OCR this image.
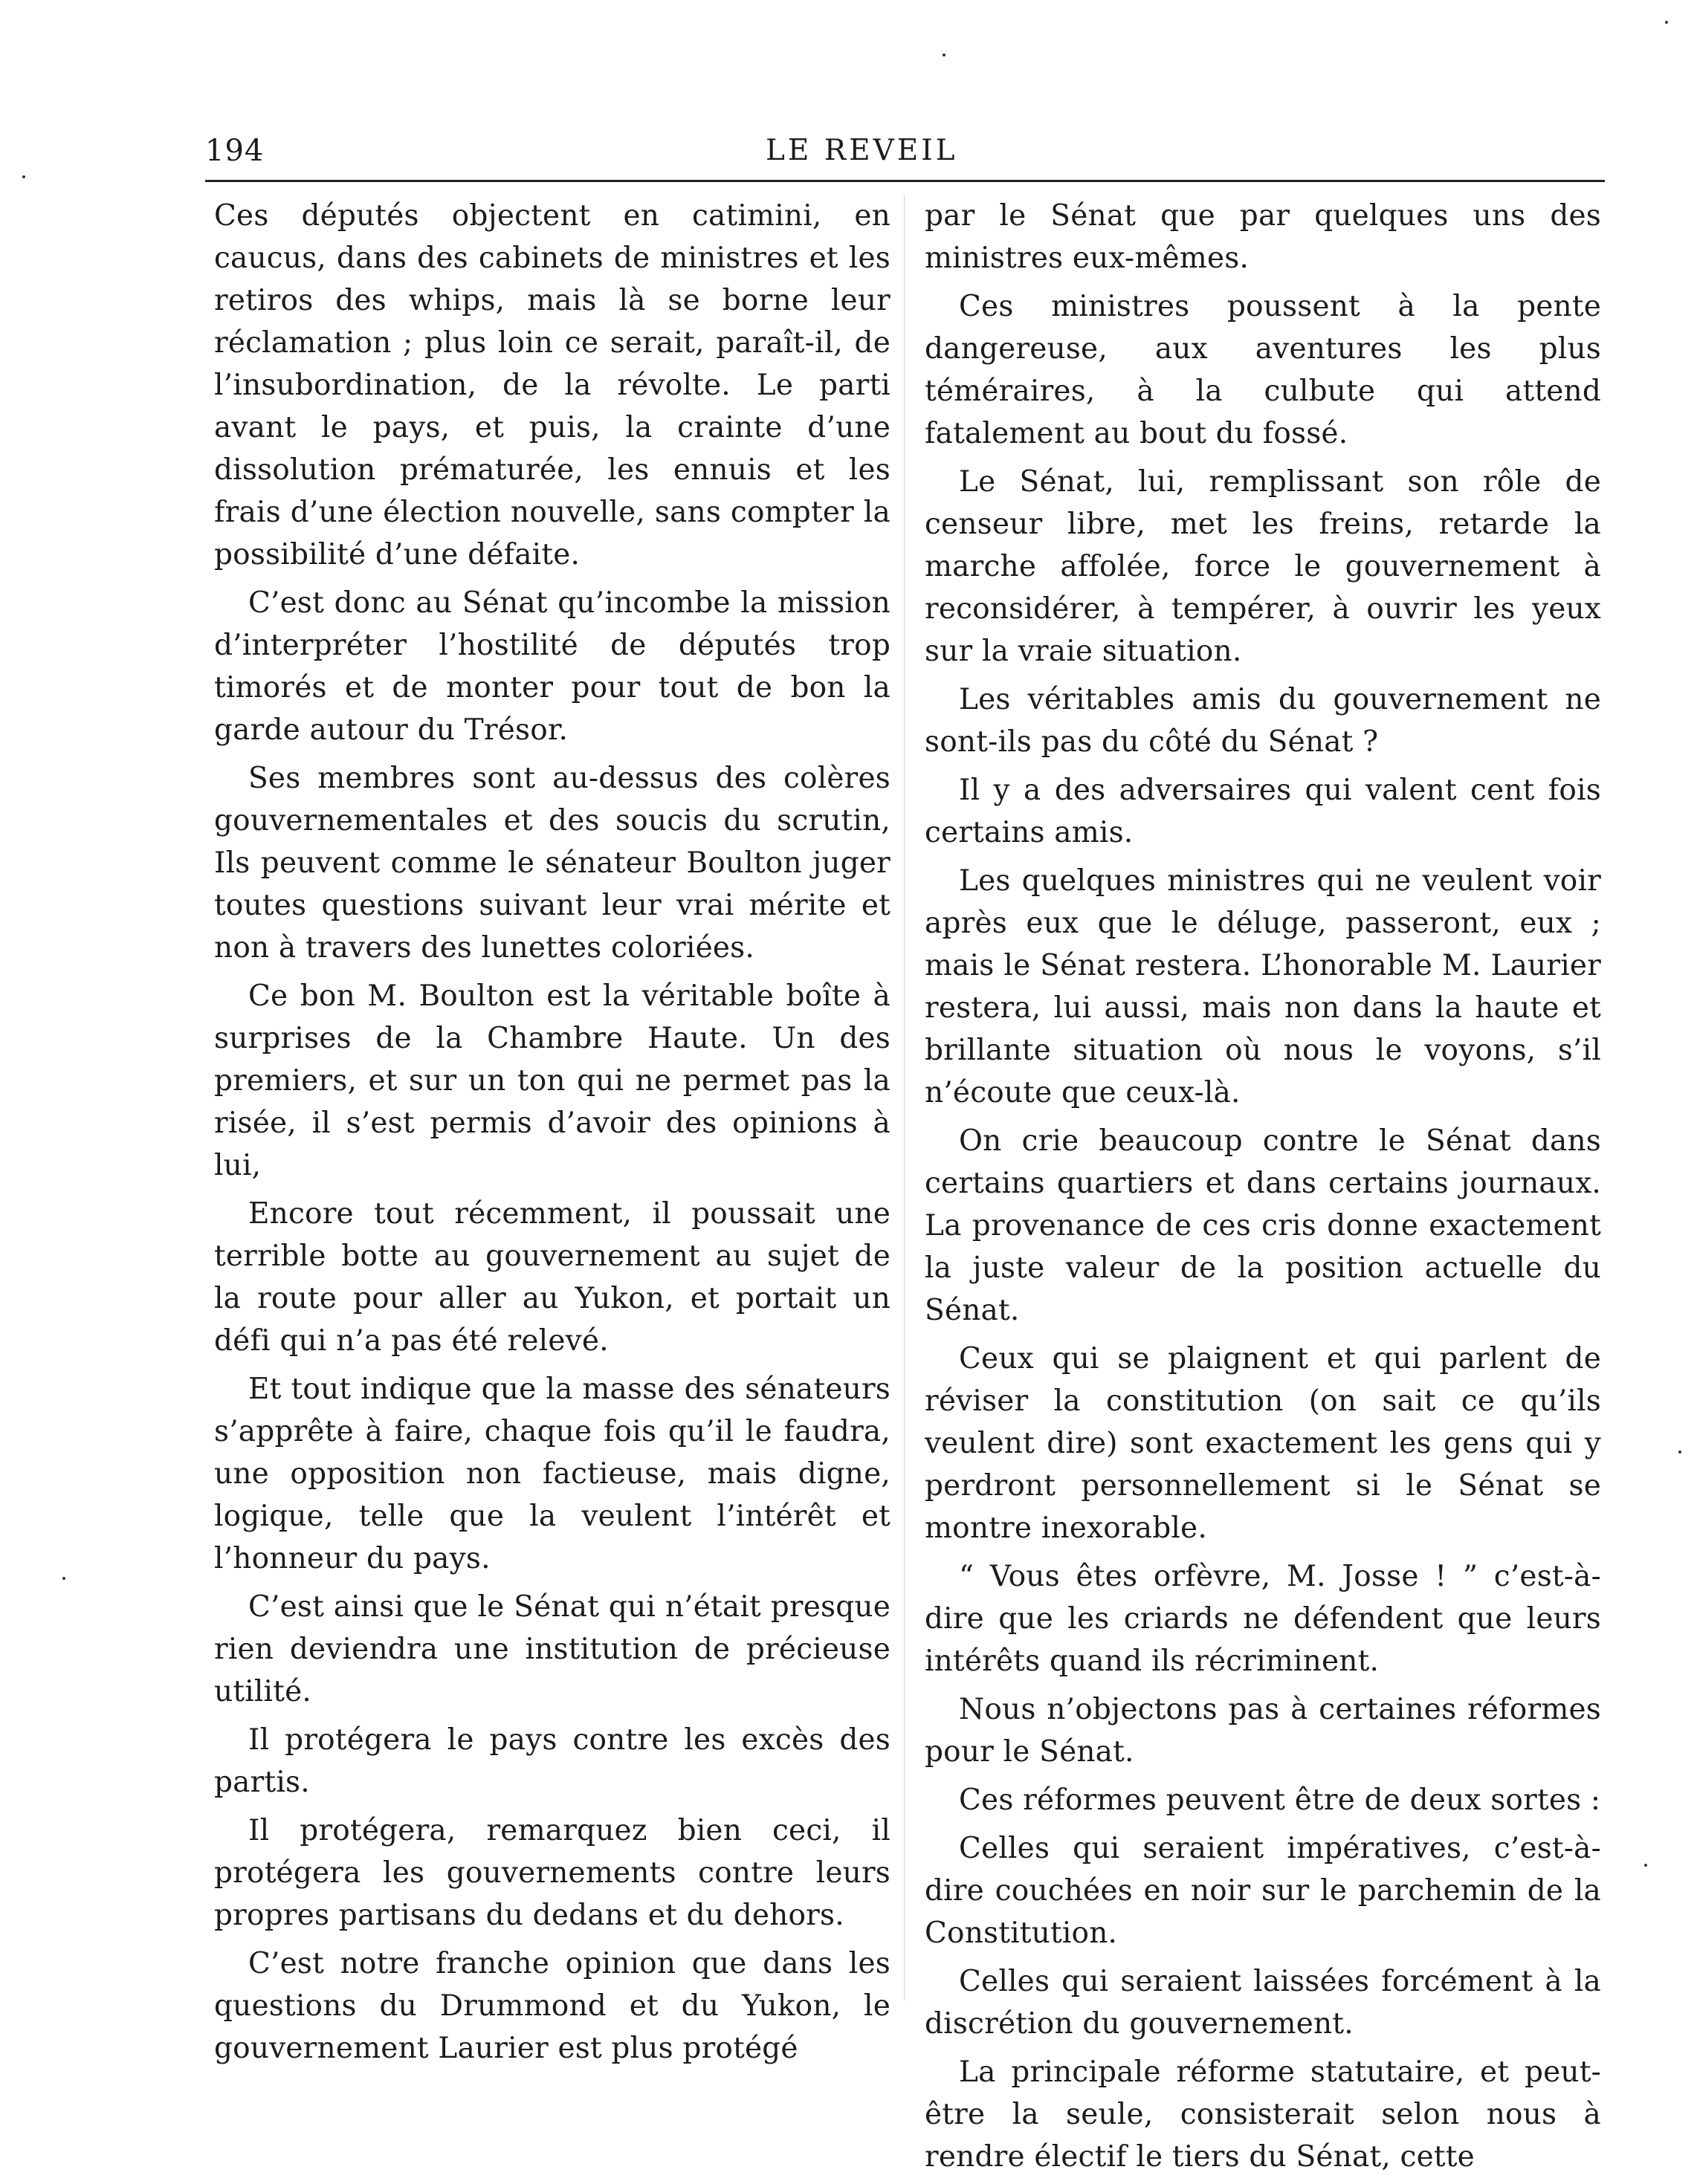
194	LE REVEIL

Ces députés objectent en catimini, en caucus, dans des cabinets de ministres et les retiros des whips, mais là se borne leur réclamation ; plus loin ce serait, paraît-il, de l’insubordination, de la révolte. Le parti avant le pays, et puis, la crainte d’une dissolution prématurée, les ennuis et les frais d’une élection nouvelle, sans compter la possibilité d’une défaite.

C’est donc au Sénat qu’incombe la mission d’interpréter l’hostilité de députés trop timorés et de monter pour tout de bon la garde autour du Trésor.

Ses membres sont au-dessus des colères gouvernementales et des soucis du scrutin, Ils peuvent comme le sénateur Boulton juger toutes questions suivant leur vrai mérite et non à travers des lunettes coloriées.

Ce bon M. Boulton est la véritable boîte à surprises de la Chambre Haute. Un des premiers, et sur un ton qui ne permet pas la risée, il s’est permis d’avoir des opinions à lui,

Encore tout récemment, il poussait une terrible botte au gouvernement au sujet de la route pour aller au Yukon, et portait un défi qui n’a pas été relevé.

Et tout indique que la masse des sénateurs s’apprête à faire, chaque fois qu’il le faudra, une opposition non factieuse, mais digne, logique, telle que la veulent l’intérêt et l’honneur du pays.

C’est ainsi que le Sénat qui n’était presque rien deviendra une institution de précieuse utilité.

Il protégera le pays contre les excès des partis.

Il protégera, remarquez bien ceci, il protégera les gouvernements contre leurs propres partisans du dedans et du dehors.

C’est notre franche opinion que dans les questions du Drummond et du Yukon, le gouvernement Laurier est plus protégé

par le Sénat que par quelques uns des ministres eux-mêmes.

Ces ministres poussent à la pente dangereuse, aux aventures les plus téméraires, à la culbute qui attend fatalement au bout du fossé.

Le Sénat, lui, remplissant son rôle de censeur libre, met les freins, retarde la marche affolée, force le gouvernement à reconsidérer, à tempérer, à ouvrir les yeux sur la vraie situation.

Les véritables amis du gouvernement ne sont-ils pas du côté du Sénat ?

Il y a des adversaires qui valent cent fois certains amis.

Les quelques ministres qui ne veulent voir après eux que le déluge, passeront, eux ; mais le Sénat restera. L’honorable M. Laurier restera, lui aussi, mais non dans la haute et brillante situation où nous le voyons, s’il n’écoute que ceux-là.

On crie beaucoup contre le Sénat dans certains quartiers et dans certains journaux. La provenance de ces cris donne exactement la juste valeur de la position actuelle du Sénat.

Ceux qui se plaignent et qui parlent de réviser la constitution (on sait ce qu’ils veulent dire) sont exactement les gens qui y perdront personnellement si le Sénat se montre inexorable.

“ Vous êtes orfèvre, M. Josse ! ” c’est-à-dire que les criards ne défendent que leurs intérêts quand ils récriminent.

Nous n’objectons pas à certaines réformes pour le Sénat.

Ces réformes peuvent être de deux sortes :

Celles qui seraient impératives, c’est-à-dire couchées en noir sur le parchemin de la Constitution.

Celles qui seraient laissées forcément à la discrétion du gouvernement.

La principale réforme statutaire, et peut-être la seule, consisterait selon nous à rendre électif le tiers du Sénat, cette
